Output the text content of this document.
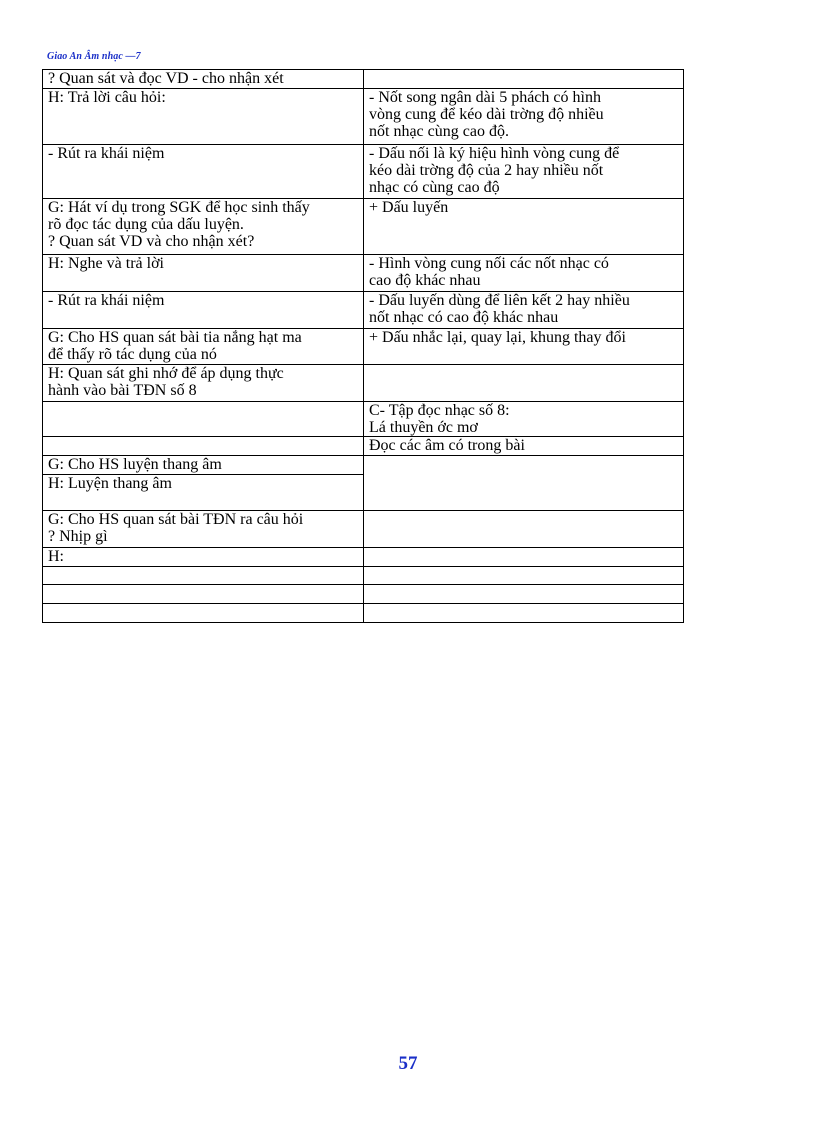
Giao An Âm nhạc —7
? Quan sát và đọc VD - cho nhận xét	

H: Trả lời câu hỏi:	- Nốt song ngân dài 5 phách có hình
vòng cung để kéo dài trờng độ nhiều
nốt nhạc cùng cao độ.

- Rút ra khái niệm	- Dấu nối là ký hiệu hình vòng cung để
kéo dài trờng độ của 2 hay nhiều nốt
nhạc có cùng cao độ

G: Hát ví dụ trong SGK để học sinh thấy
rõ đọc tác dụng của dấu luyện.
? Quan sát VD và cho nhận xét?	+ Dấu luyến

H: Nghe và trả lời	- Hình vòng cung nối các nốt nhạc có
cao độ khác nhau

- Rút ra khái niệm	- Dấu luyến dùng để liên kết 2 hay nhiều
nốt nhạc có cao độ khác nhau

G: Cho HS quan sát bài tia nắng hạt ma
để thấy rõ tác dụng của nó	+ Dấu nhắc lại, quay lại, khung thay đổi

H: Quan sát ghi nhớ để áp dụng thực
hành vào bài TĐN số 8	

	C- Tập đọc nhạc số 8:
Lá thuyền ớc mơ

	Đọc các âm có trong bài

G: Cho HS luyện thang âm	

H: Luyện thang âm	

G: Cho HS quan sát bài TĐN ra câu hỏi
? Nhịp gì	

H:	

57
